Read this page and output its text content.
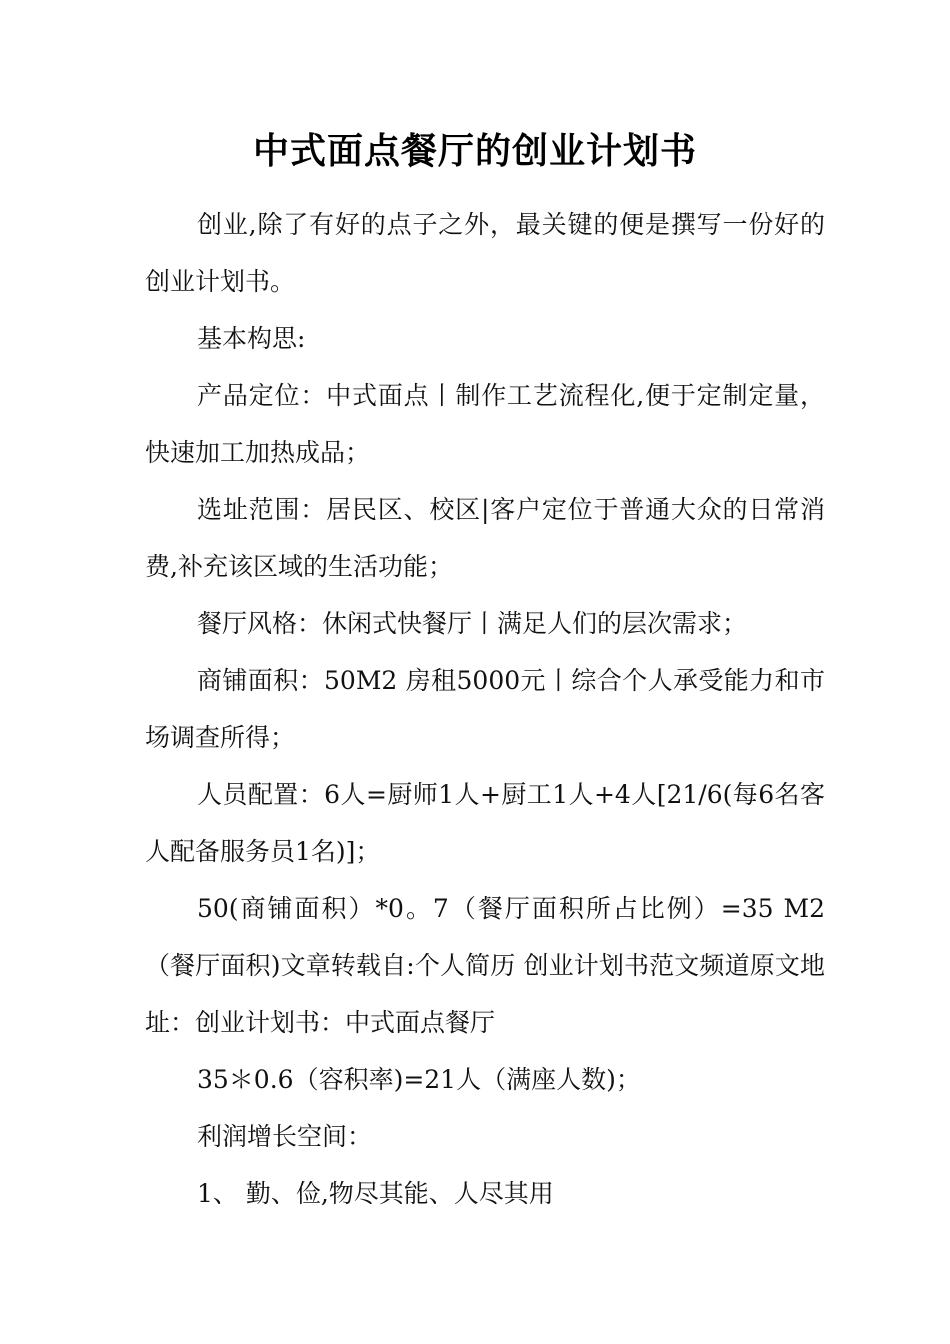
中式面点餐厅的创业计划书

创业,除了有好的点子之外，最关键的便是撰写一份好的创业计划书。

基本构思:

产品定位：中式面点丨制作工艺流程化,便于定制定量，快速加工加热成品；

选址范围：居民区、校区|客户定位于普通大众的日常消费,补充该区域的生活功能；

餐厅风格：休闲式快餐厅丨满足人们的层次需求；

商铺面积：50M2 房租5000元丨综合个人承受能力和市场调查所得；

人员配置：6人=厨师1人+厨工1人+4人[21/6(每6名客人配备服务员1名)]；

50(商铺面积）*0。7（餐厅面积所占比例）=35 M2（餐厅面积)文章转载自:个人简历 创业计划书范文频道原文地址：创业计划书：中式面点餐厅

35＊0.6（容积率)=21人（满座人数)；

利润增长空间：

1、 勤、俭,物尽其能、人尽其用
